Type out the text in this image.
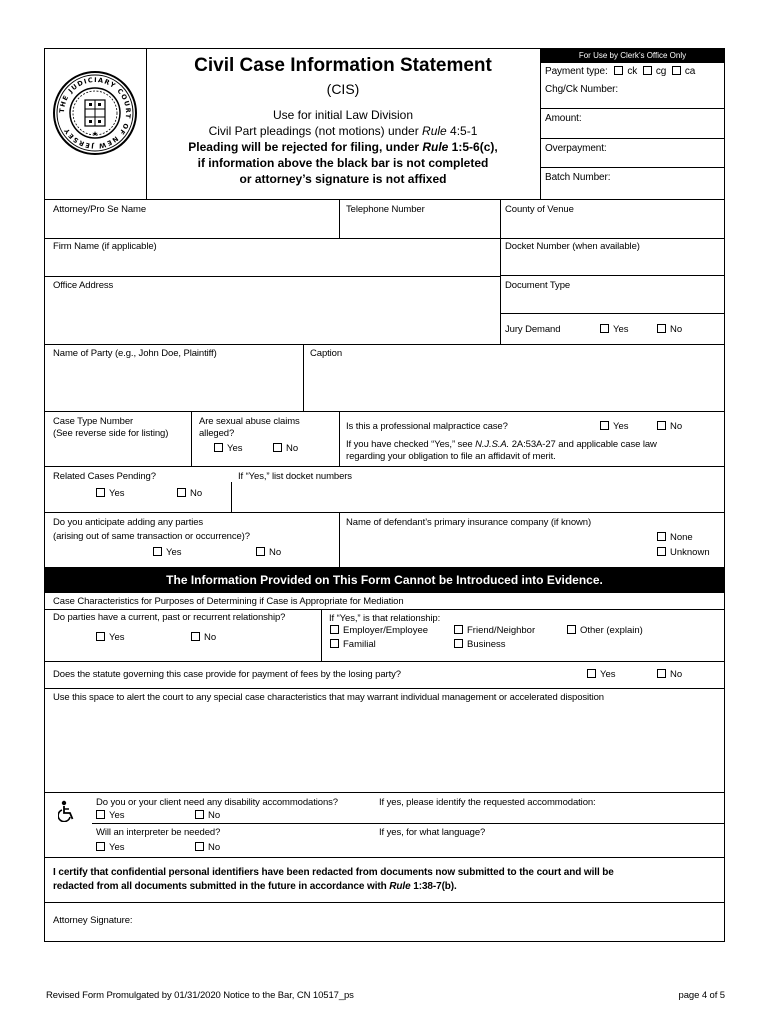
THE JUDICIARY COURT OF NEW JERSEY	★
Civil Case Information Statement
(CIS)
Use for initial Law Division
Civil Part pleadings (not motions) under Rule 4:5-1
Pleading will be rejected for filing, under Rule 1:5-6(c),
if information above the black bar is not completed
or attorney’s signature is not affixed
For Use by Clerk’s Office Only
Payment type: ck cg ca
Chg/Ck Number:
Amount:
Overpayment:
Batch Number:
Attorney/Pro Se Name	Telephone Number	County of Venue
Firm Name (if applicable)	Docket Number (when available)
Office Address	Document Type
Jury Demand	Yes	No
Name of Party (e.g., John Doe, Plaintiff)	Caption
Case Type Number
(See reverse side for listing)
Are sexual abuse claims
alleged?
Yes	No
Is this a professional malpractice case?	Yes	No
If you have checked “Yes,” see N.J.S.A. 2A:53A-27 and applicable case law
regarding your obligation to file an affidavit of merit.
Related Cases Pending?	If “Yes,” list docket numbers
Yes	No
Do you anticipate adding any parties
(arising out of same transaction or occurrence)?
Yes	No
Name of defendant’s primary insurance company (if known)
None
Unknown
The Information Provided on This Form Cannot be Introduced into Evidence.
Case Characteristics for Purposes of Determining if Case is Appropriate for Mediation
Do parties have a current, past or recurrent relationship?
Yes	No
If “Yes,” is that relationship:
Employer/Employee	Friend/Neighbor	Other (explain)
Familial	Business
Does the statute governing this case provide for payment of fees by the losing party?	Yes	No
Use this space to alert the court to any special case characteristics that may warrant individual management or accelerated disposition
Do you or your client need any disability accommodations?	If yes, please identify the requested accommodation:
Yes	No
Will an interpreter be needed?	If yes, for what language?
Yes	No
I certify that confidential personal identifiers have been redacted from documents now submitted to the court and will be
redacted from all documents submitted in the future in accordance with Rule 1:38-7(b).
Attorney Signature:
Revised Form Promulgated by 01/31/2020 Notice to the Bar, CN 10517_ps	page 4 of 5
